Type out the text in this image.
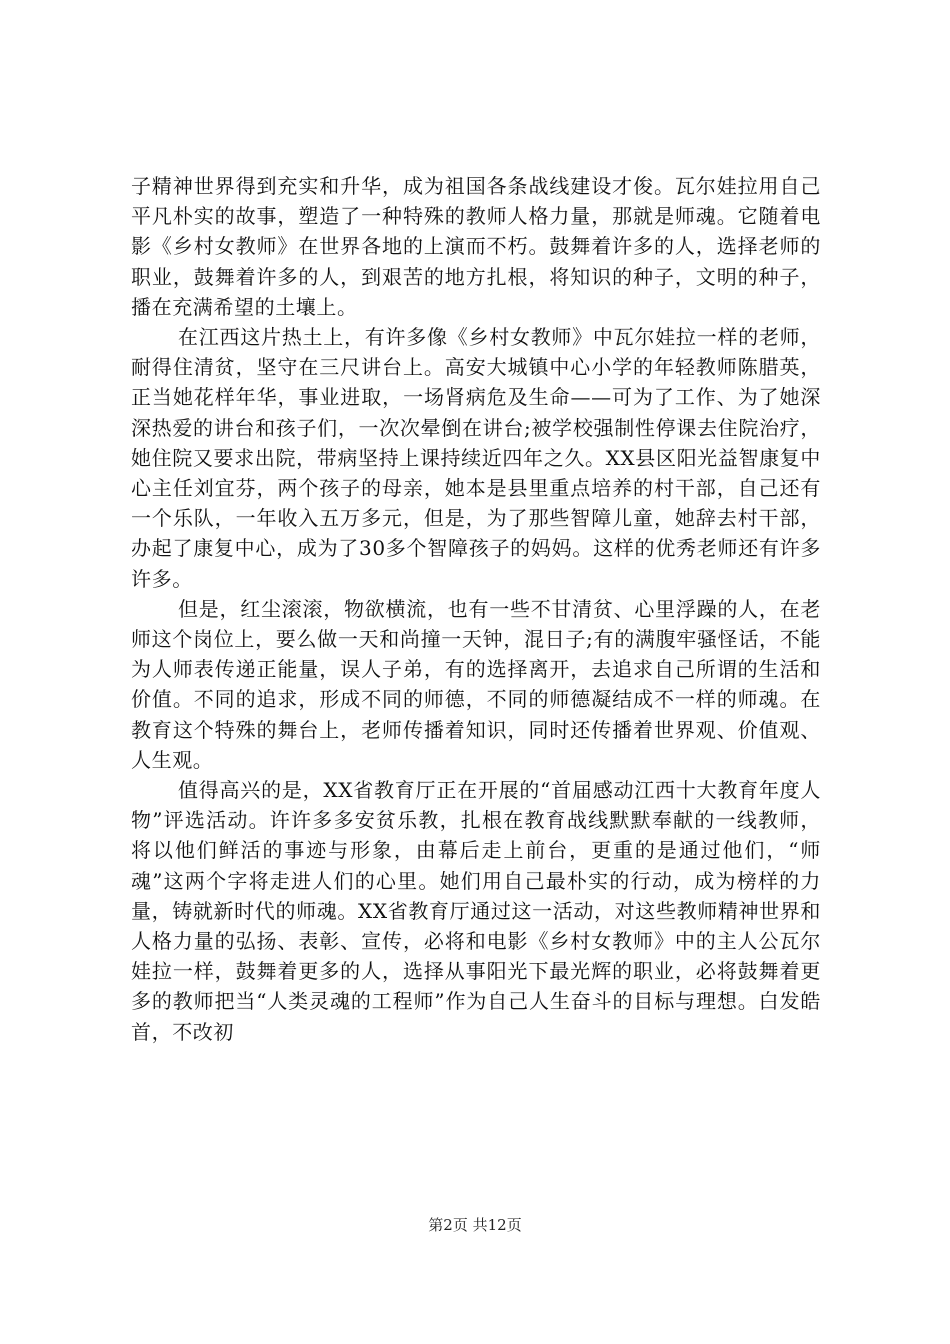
子精神世界得到充实和升华，成为祖国各条战线建设才俊。瓦尔娃拉用自己平凡朴实的故事，塑造了一种特殊的教师人格力量，那就是师魂。它随着电影《乡村女教师》在世界各地的上演而不朽。鼓舞着许多的人，选择老师的职业，鼓舞着许多的人，到艰苦的地方扎根，将知识的种子，文明的种子，播在充满希望的土壤上。

在江西这片热土上，有许多像《乡村女教师》中瓦尔娃拉一样的老师，耐得住清贫，坚守在三尺讲台上。高安大城镇中心小学的年轻教师陈腊英，正当她花样年华，事业进取，一场肾病危及生命——可为了工作、为了她深深热爱的讲台和孩子们，一次次晕倒在讲台;被学校强制性停课去住院治疗，她住院又要求出院，带病坚持上课持续近四年之久。XX县区阳光益智康复中心主任刘宜芬，两个孩子的母亲，她本是县里重点培养的村干部，自己还有一个乐队，一年收入五万多元，但是，为了那些智障儿童，她辞去村干部，办起了康复中心，成为了30多个智障孩子的妈妈。这样的优秀老师还有许多许多。

但是，红尘滚滚，物欲横流，也有一些不甘清贫、心里浮躁的人，在老师这个岗位上，要么做一天和尚撞一天钟，混日子;有的满腹牢骚怪话，不能为人师表传递正能量，误人子弟，有的选择离开，去追求自己所谓的生活和价值。不同的追求，形成不同的师德，不同的师德凝结成不一样的师魂。在教育这个特殊的舞台上，老师传播着知识，同时还传播着世界观、价值观、人生观。

值得高兴的是，XX省教育厅正在开展的“首届感动江西十大教育年度人物”评选活动。许许多多安贫乐教，扎根在教育战线默默奉献的一线教师，将以他们鲜活的事迹与形象，由幕后走上前台，更重的是通过他们，“师魂”这两个字将走进人们的心里。她们用自己最朴实的行动，成为榜样的力量，铸就新时代的师魂。XX省教育厅通过这一活动，对这些教师精神世界和人格力量的弘扬、表彰、宣传，必将和电影《乡村女教师》中的主人公瓦尔娃拉一样，鼓舞着更多的人，选择从事阳光下最光辉的职业，必将鼓舞着更多的教师把当“人类灵魂的工程师”作为自己人生奋斗的目标与理想。白发皓首，不改初

第2页 共12页
